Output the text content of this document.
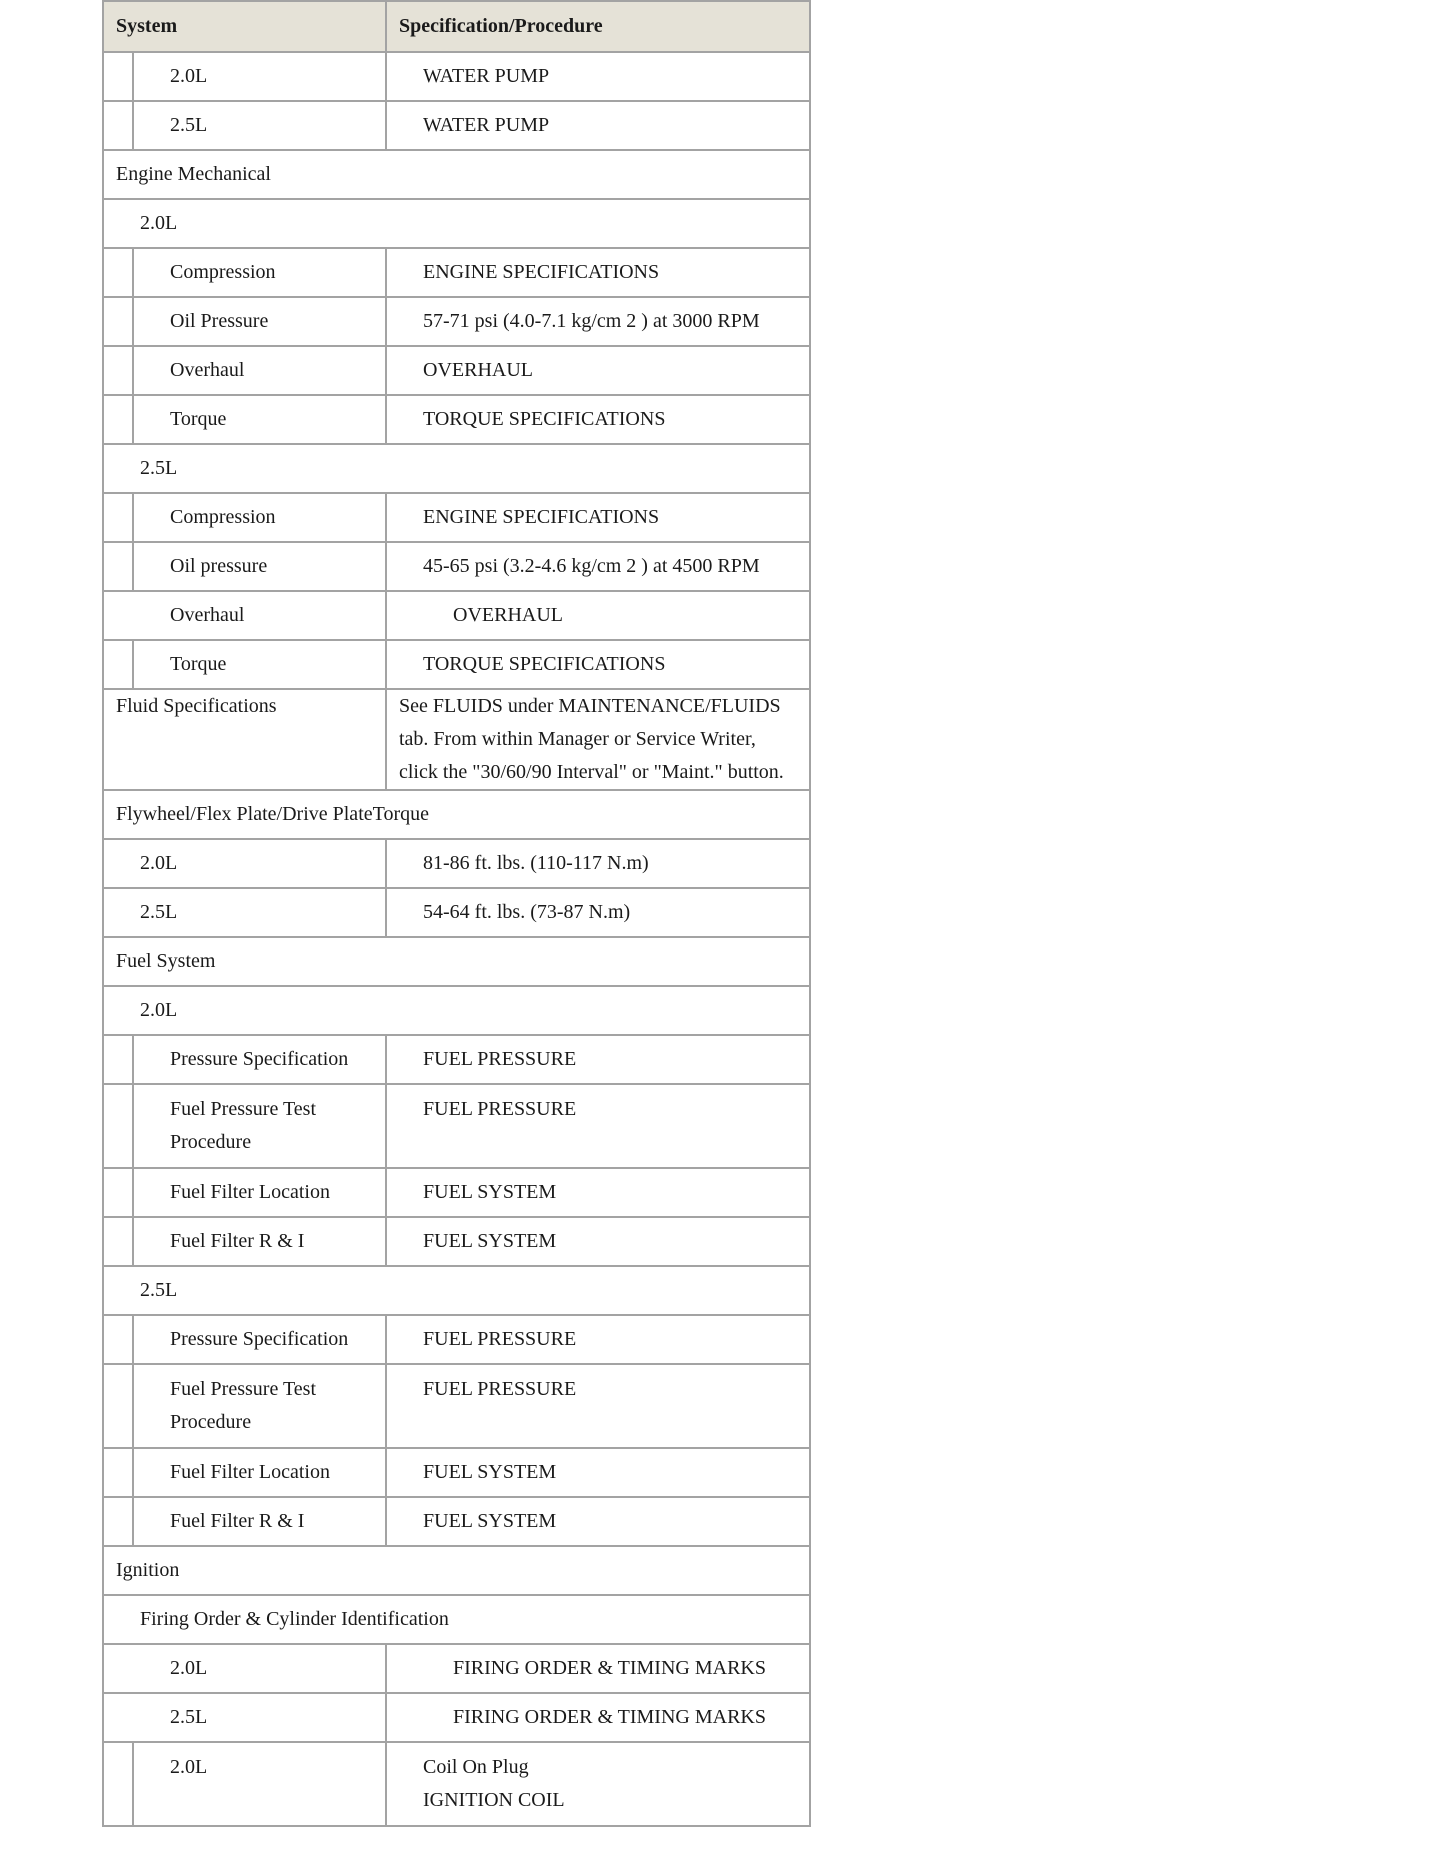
System	Specification/Procedure
2.0L	WATER PUMP
2.5L	WATER PUMP
Engine Mechanical	
2.0L	
Compression	ENGINE SPECIFICATIONS
Oil Pressure	57-71 psi (4.0-7.1 kg/cm 2 ) at 3000 RPM
Overhaul	OVERHAUL
Torque	TORQUE SPECIFICATIONS
2.5L	
Compression	ENGINE SPECIFICATIONS
Oil pressure	45-65 psi (3.2-4.6 kg/cm 2 ) at 4500 RPM
Overhaul	OVERHAUL
Torque	TORQUE SPECIFICATIONS
Fluid Specifications	See FLUIDS under MAINTENANCE/FLUIDS tab. From within Manager or Service Writer, click the "30/60/90 Interval" or "Maint." button.
Flywheel/Flex Plate/Drive PlateTorque	
2.0L	81-86 ft. lbs. (110-117 N.m)
2.5L	54-64 ft. lbs. (73-87 N.m)
Fuel System	
2.0L	
Pressure Specification	FUEL PRESSURE
Fuel Pressure Test Procedure	FUEL PRESSURE
Fuel Filter Location	FUEL SYSTEM
Fuel Filter R & I	FUEL SYSTEM
2.5L	
Pressure Specification	FUEL PRESSURE
Fuel Pressure Test Procedure	FUEL PRESSURE
Fuel Filter Location	FUEL SYSTEM
Fuel Filter R & I	FUEL SYSTEM
Ignition	
Firing Order & Cylinder Identification	
2.0L	FIRING ORDER & TIMING MARKS
2.5L	FIRING ORDER & TIMING MARKS
2.0L	Coil On Plug
IGNITION COIL
